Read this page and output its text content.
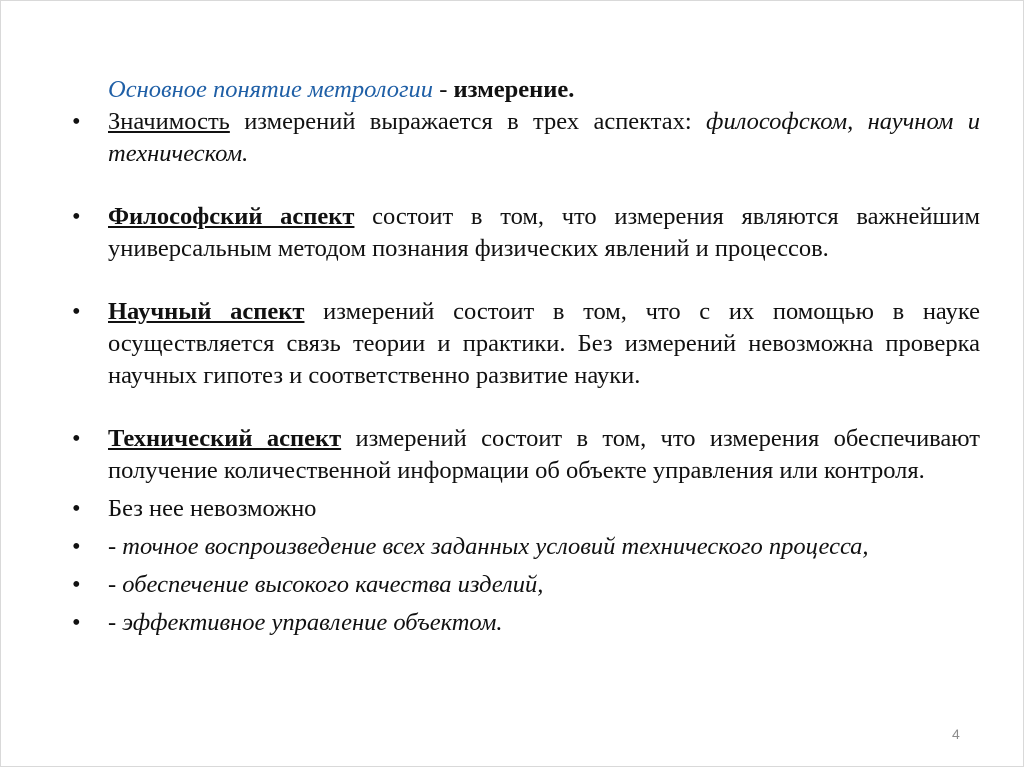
Основное понятие метрологии - измерение.
•	Значимость измерений выражается в трех аспектах: философском, научном и техническом.
•	Философский аспект состоит в том, что измерения являются важнейшим универсальным методом познания физических явлений и процессов.
•	Научный аспект измерений состоит в том, что с их помощью в науке осуществляется связь теории и практики. Без измерений невозможна проверка научных гипотез и соответственно развитие науки.
•	Технический аспект измерений состоит в том, что измерения обеспечивают получение количественной информации об объекте управления или контроля.
•	Без нее невозможно
•	- точное воспроизведение всех заданных условий технического процесса,
•	- обеспечение высокого качества изделий,
•	- эффективное управление объектом.
4
